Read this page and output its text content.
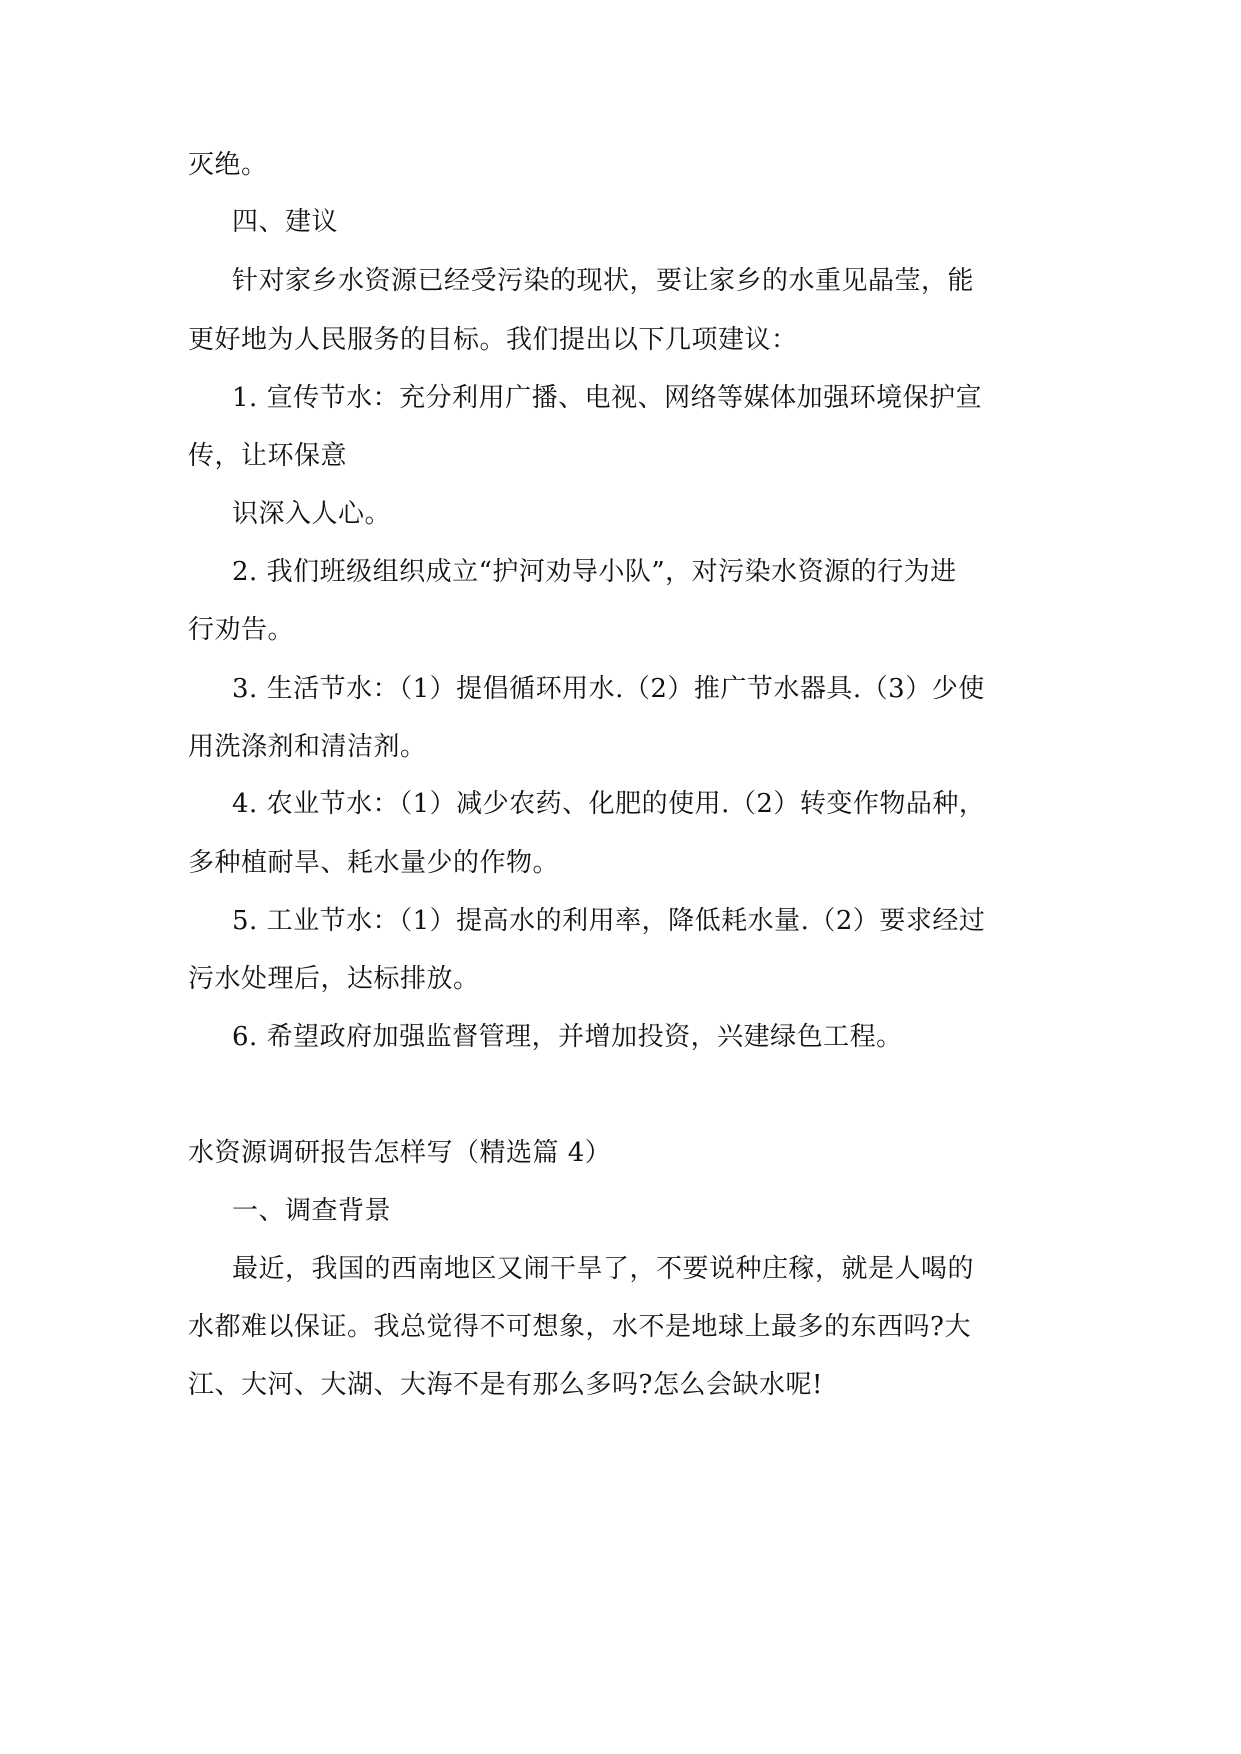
灭绝。
四、建议
针对家乡水资源已经受污染的现状，要让家乡的水重见晶莹，能
更好地为人民服务的目标。我们提出以下几项建议：
1. 宣传节水：充分利用广播、电视、网络等媒体加强环境保护宣
传，让环保意
识深入人心。
2. 我们班级组织成立“护河劝导小队”，对污染水资源的行为进
行劝告。
3. 生活节水：（1）提倡循环用水.（2）推广节水器具.（3）少使
用洗涤剂和清洁剂。
4. 农业节水：（1）减少农药、化肥的使用.（2）转变作物品种，
多种植耐旱、耗水量少的作物。
5. 工业节水：（1）提高水的利用率，降低耗水量.（2）要求经过
污水处理后，达标排放。
6. 希望政府加强监督管理，并增加投资，兴建绿色工程。
水资源调研报告怎样写（精选篇 4）
一、调查背景
最近，我国的西南地区又闹干旱了，不要说种庄稼，就是人喝的
水都难以保证。我总觉得不可想象，水不是地球上最多的东西吗?大
江、大河、大湖、大海不是有那么多吗?怎么会缺水呢!
